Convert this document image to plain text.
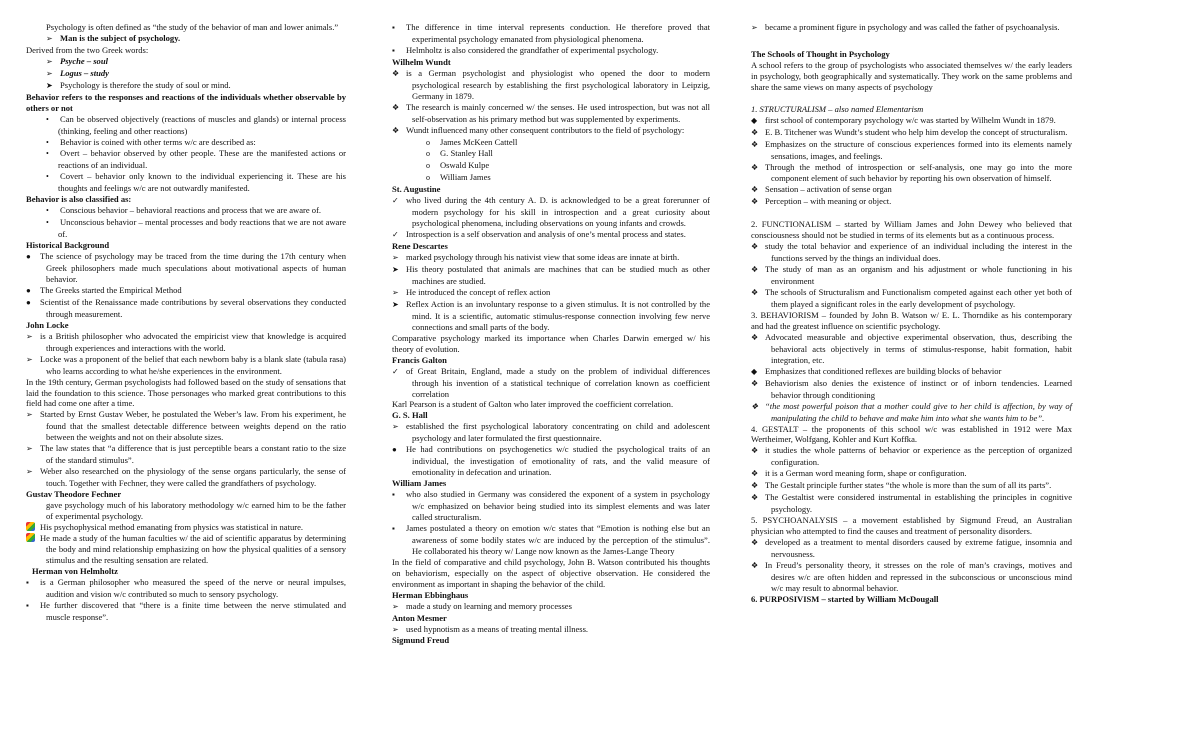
Psychology is often defined as “the study of the behavior of man and lower animals.”
➢ Man is the subject of psychology.
Derived from the two Greek words:
➢ Psyche – soul
➢ Logus – study
➤ Psychology is therefore the study of soul or mind.
Behavior refers to the responses and reactions of the individuals whether observable by others or not
• Can be observed objectively (reactions of muscles and glands) or internal process (thinking, feeling and other reactions)
• Behavior is coined with other terms w/c are described as:
• Overt – behavior observed by other people. These are the manifested actions or reactions of an individual.
• Covert – behavior only known to the individual experiencing it. These are his thoughts and feelings w/c are not outwardly manifested.
Behavior is also classified as:
• Conscious behavior – behavioral reactions and process that we are aware of.
• Unconscious behavior – mental processes and body reactions that we are not aware of.
Historical Background
● The science of psychology may be traced from the time during the 17th century when Greek philosophers made much speculations about motivational aspects of human behavior.
● The Greeks started the Empirical Method
● Scientist of the Renaissance made contributions by several observations they conducted through measurement.
John Locke
➢ is a British philosopher who advocated the empiricist view that knowledge is acquired through experiences and interactions with the world.
➢ Locke was a proponent of the belief that each newborn baby is a blank slate (tabula rasa) who learns according to what he/she experiences in the environment.
In the 19th century, German psychologists had followed based on the study of sensations that laid the foundation to this science. Those personages who marked great contributions to this field had come one after a time.
➢ Started by Ernst Gustav Weber, he postulated the Weber’s law. From his experiment, he found that the smallest detectable difference between weights depend on the ratio between the weights and not on their absolute sizes.
➢ The law states that “a difference that is just perceptible bears a constant ratio to the size of the standard stimulus”.
➢ Weber also researched on the physiology of the sense organs particularly, the sense of touch. Together with Fechner, they were called the grandfathers of psychology.
Gustav Theodore Fechner
gave psychology much of his laboratory methodology w/c earned him to be the father of experimental psychology.
His psychophysical method emanating from physics was statistical in nature.
He made a study of the human faculties w/ the aid of scientific apparatus by determining the body and mind relationship emphasizing on how the physical qualities of a sensory stimulus and the resulting sensation are related.
Herman von Helmholtz
▪ is a German philosopher who measured the speed of the nerve or neural impulses, audition and vision w/c contributed so much to sensory psychology.
▪ He further discovered that “there is a finite time between the nerve stimulated and muscle response”.
▪ The difference in time interval represents conduction. He therefore proved that experimental psychology emanated from physiological phenomena.
▪ Helmholtz is also considered the grandfather of experimental psychology.
Wilhelm Wundt
❖ is a German psychologist and physiologist who opened the door to modern psychological research by establishing the first psychological laboratory in Leipzig, Germany in 1879.
❖ The research is mainly concerned w/ the senses. He used introspection, but was not all self-observation as his primary method but was supplemented by experiments.
❖ Wundt influenced many other consequent contributors to the field of psychology:
o James McKeen Cattell
o G. Stanley Hall
o Oswald Kulpe
o William James
St. Augustine
✓ who lived during the 4th century A. D. is acknowledged to be a great forerunner of modern psychology for his skill in introspection and a great curiosity about psychological phenomena, including observations on young infants and crowds.
✓ Introspection is a self observation and analysis of one’s mental process and states.
Rene Descartes
➢ marked psychology through his nativist view that some ideas are innate at birth.
➤ His theory postulated that animals are machines that can be studied much as other machines are studied.
➢ He introduced the concept of reflex action
➤ Reflex Action is an involuntary response to a given stimulus. It is not controlled by the mind. It is a scientific, automatic stimulus-response connection involving few nerve connections and small parts of the body.
Comparative psychology marked its importance when Charles Darwin emerged w/ his theory of evolution.
Francis Galton
✓ of Great Britain, England, made a study on the problem of individual differences through his invention of a statistical technique of correlation known as coefficient correlation
Karl Pearson is a student of Galton who later improved the coefficient correlation.
G. S. Hall
➢ established the first psychological laboratory concentrating on child and adolescent psychology and later formulated the first questionnaire.
● He had contributions on psychogenetics w/c studied the psychological traits of an individual, the investigation of emotionality of rats, and the valid measure of emotionality in defecation and urination.
William James
▪ who also studied in Germany was considered the exponent of a system in psychology w/c emphasized on behavior being studied into its simplest elements and was later called structuralism.
▪ James postulated a theory on emotion w/c states that “Emotion is nothing else but an awareness of some bodily states w/c are induced by the perception of the stimulus”. He collaborated his theory w/ Lange now known as the James-Lange Theory
In the field of comparative and child psychology, John B. Watson contributed his thoughts on behaviorism, especially on the aspect of objective observation. He considered the environment as important in shaping the behavior of the child.
Herman Ebbinghaus
➢ made a study on learning and memory processes
Anton Mesmer
➢ used hypnotism as a means of treating mental illness.
Sigmund Freud
➢ became a prominent figure in psychology and was called the father of psychoanalysis.
The Schools of Thought in Psychology
A school refers to the group of psychologists who associated themselves w/ the early leaders in psychology, both geographically and systematically. They work on the same problems and share the same views on many aspects of psychology
1. STRUCTURALISM – also named Elementarism
◆ first school of contemporary psychology w/c was started by Wilhelm Wundt in 1879.
❖ E. B. Titchener was Wundt’s student who help him develop the concept of structuralism.
❖ Emphasizes on the structure of conscious experiences formed into its elements namely sensations, images, and feelings.
❖ Through the method of introspection or self-analysis, one may go into the more component element of such behavior by reporting his own observation of himself.
❖ Sensation – activation of sense organ
❖ Perception – with meaning or object.
2. FUNCTIONALISM – started by William James and John Dewey who believed that consciousness should not be studied in terms of its elements but as a continuous process.
❖ study the total behavior and experience of an individual including the interest in the functions served by the things an individual does.
❖ The study of man as an organism and his adjustment or whole functioning in his environment
❖ The schools of Structuralism and Functionalism competed against each other yet both of them played a significant roles in the early development of psychology.
3. BEHAVIORISM – founded by John B. Watson w/ E. L. Thorndike as his contemporary and had the greatest influence on scientific psychology.
❖ Advocated measurable and objective experimental observation, thus, describing the behavioral acts objectively in terms of stimulus-response, habit formation, habit integration, etc.
◆ Emphasizes that conditioned reflexes are building blocks of behavior
❖ Behaviorism also denies the existence of instinct or of inborn tendencies. Learned behavior through conditioning
❖ “the most powerful poison that a mother could give to her child is affection, by way of manipulating the child to behave and make him into what she wants him to be”.
4. GESTALT – the proponents of this school w/c was established in 1912 were Max Wertheimer, Wolfgang, Kohler and Kurt Koffka.
❖ it studies the whole patterns of behavior or experience as the perception of organized configuration.
❖ it is a German word meaning form, shape or configuration.
❖ The Gestalt principle further states “the whole is more than the sum of all its parts”.
❖ The Gestaltist were considered instrumental in establishing the principles in cognitive psychology.
5. PSYCHOANALYSIS – a movement established by Sigmund Freud, an Australian physician who attempted to find the causes and treatment of personality disorders.
❖ developed as a treatment to mental disorders caused by extreme fatigue, insomnia and nervousness.
❖ In Freud’s personality theory, it stresses on the role of man’s cravings, motives and desires w/c are often hidden and repressed in the subconscious or unconscious mind w/c may result to abnormal behavior.
6. PURPOSIVISM – started by William McDougall
